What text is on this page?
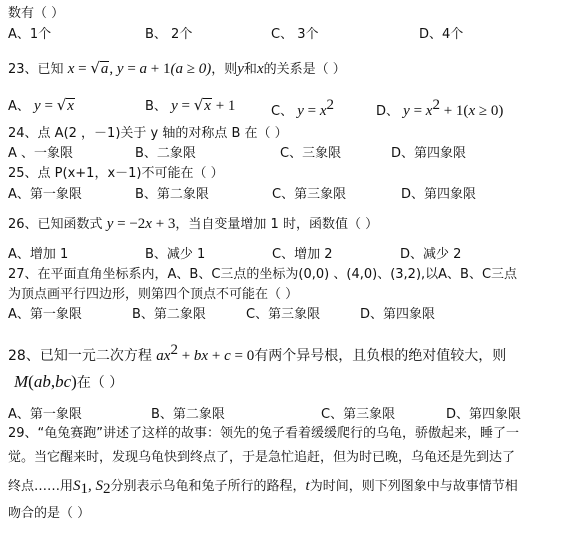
数有（ ）
A、1个	B、 2个	C、 3个	D、4个
23、已知 x = √a, y = a + 1(a ≥ 0)，则y和x的关系是（ ）
A、 y = √x	B、 y = √x + 1	C、 $y = x^2$	D、 $y = x^2 + 1(x \ge 0)$
24、点 A(2 ，－1)关于 y 轴的对称点 B 在（ ）
A 、一象限	B、二象限	C、三象限	D、第四象限
25、点 P(x+1，x－1)不可能在（ ）
A、第一象限	B、第二象限	C、第三象限	D、第四象限
26、已知函数式 y = −2x + 3，当自变量增加 1 时，函数值（ ）
A、增加 1	B、减少 1	C、增加 2	D、减少 2
27、在平面直角坐标系内，A、B、C三点的坐标为(0,0) 、(4,0)、(3,2),以A、B、C三点
为顶点画平行四边形，则第四个顶点不可能在（ ）
A、第一象限	B、第二象限	C、第三象限	D、第四象限
28、已知一元二次方程 $ax^2$ + bx + c = 0有两个异号根，且负根的绝对值较大，则
M(ab,bc)在（ ）
A、第一象限	B、第二象限	C、第三象限	D、第四象限
29、“龟兔赛跑”讲述了这样的故事：领先的兔子看着缓缓爬行的乌龟，骄傲起来，睡了一
觉。当它醒来时，发现乌龟快到终点了，于是急忙追赶，但为时已晚，乌龟还是先到达了
终点……用$S_1$, $S_2$分别表示乌龟和兔子所行的路程，t为时间，则下列图象中与故事情节相
吻合的是（ ）
